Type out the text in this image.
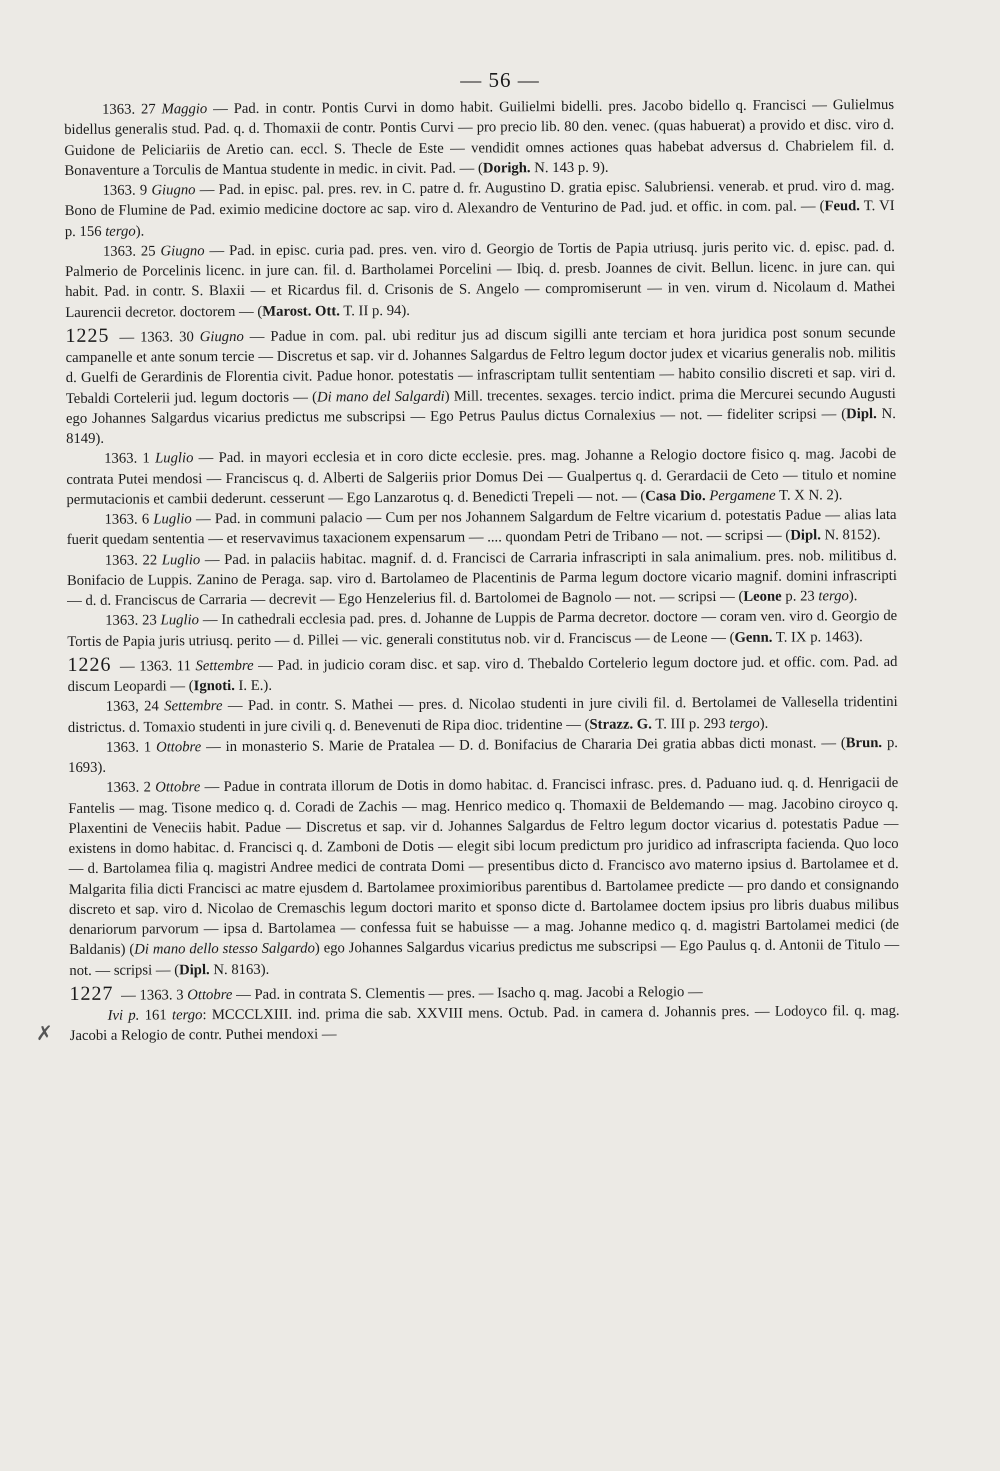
— 56 —
✗

1363. 27 Maggio — Pad. in contr. Pontis Curvi in domo habit. Guilielmi bidelli. pres. Jacobo bidello q. Francisci — Gulielmus bidellus generalis stud. Pad. q. d. Thomaxii de contr. Pontis Curvi — pro precio lib. 80 den. venec. (quas habuerat) a provido et disc. viro d. Guidone de Peliciariis de Aretio can. eccl. S. Thecle de Este — vendidit omnes actiones quas habebat adversus d. Chabrielem fil. d. Bonaventure a Torculis de Mantua studente in medic. in civit. Pad. — (Dorigh. N. 143 p. 9).

1363. 9 Giugno — Pad. in episc. pal. pres. rev. in C. patre d. fr. Augustino D. gratia episc. Salubriensi. venerab. et prud. viro d. mag. Bono de Flumine de Pad. eximio medicine doctore ac sap. viro d. Alexandro de Venturino de Pad. jud. et offic. in com. pal. — (Feud. T. VI p. 156 tergo).

1363. 25 Giugno — Pad. in episc. curia pad. pres. ven. viro d. Georgio de Tortis de Papia utriusq. juris perito vic. d. episc. pad. d. Palmerio de Porcelinis licenc. in jure can. fil. d. Bartholamei Porcelini — Ibiq. d. presb. Joannes de civit. Bellun. licenc. in jure can. qui habit. Pad. in contr. S. Blaxii — et Ricardus fil. d. Crisonis de S. Angelo — compromiserunt — in ven. virum d. Nicolaum d. Mathei Laurencii decretor. doctorem — (Marost. Ott. T. II p. 94).

1225 — 1363. 30 Giugno — Padue in com. pal. ubi reditur jus ad discum sigilli ante terciam et hora juridica post sonum secunde campanelle et ante sonum tercie — Discretus et sap. vir d. Johannes Salgardus de Feltro legum doctor judex et vicarius generalis nob. militis d. Guelfi de Gerardinis de Florentia civit. Padue honor. potestatis — infrascriptam tullit sententiam — habito consilio discreti et sap. viri d. Tebaldi Cortelerii jud. legum doctoris — (Di mano del Salgardi) Mill. trecentes. sexages. tercio indict. prima die Mercurei secundo Augusti ego Johannes Salgardus vicarius predictus me subscripsi — Ego Petrus Paulus dictus Cornalexius — not. — fideliter scripsi — (Dipl. N. 8149).

1363. 1 Luglio — Pad. in mayori ecclesia et in coro dicte ecclesie. pres. mag. Johanne a Relogio doctore fisico q. mag. Jacobi de contrata Putei mendosi — Franciscus q. d. Alberti de Salgeriis prior Domus Dei — Gualpertus q. d. Gerardacii de Ceto — titulo et nomine permutacionis et cambii dederunt. cesserunt — Ego Lanzarotus q. d. Benedicti Trepeli — not. — (Casa Dio. Pergamene T. X N. 2).

1363. 6 Luglio — Pad. in communi palacio — Cum per nos Johannem Salgardum de Feltre vicarium d. potestatis Padue — alias lata fuerit quedam sententia — et reservavimus taxacionem expensarum — .... quondam Petri de Tribano — not. — scripsi — (Dipl. N. 8152).

1363. 22 Luglio — Pad. in palaciis habitac. magnif. d. d. Francisci de Carraria infrascripti in sala animalium. pres. nob. militibus d. Bonifacio de Luppis. Zanino de Peraga. sap. viro d. Bartolameo de Placentinis de Parma legum doctore vicario magnif. domini infrascripti — d. d. Franciscus de Carraria — decrevit — Ego Henzelerius fil. d. Bartolomei de Bagnolo — not. — scripsi — (Leone p. 23 tergo).

1363. 23 Luglio — In cathedrali ecclesia pad. pres. d. Johanne de Luppis de Parma decretor. doctore — coram ven. viro d. Georgio de Tortis de Papia juris utriusq. perito — d. Pillei — vic. generali constitutus nob. vir d. Franciscus — de Leone — (Genn. T. IX p. 1463).

1226 — 1363. 11 Settembre — Pad. in judicio coram disc. et sap. viro d. Thebaldo Cortelerio legum doctore jud. et offic. com. Pad. ad discum Leopardi — (Ignoti. I. E.).

1363, 24 Settembre — Pad. in contr. S. Mathei — pres. d. Nicolao studenti in jure civili fil. d. Bertolamei de Vallesella tridentini districtus. d. Tomaxio studenti in jure civili q. d. Benevenuti de Ripa dioc. tridentine — (Strazz. G. T. III p. 293 tergo).

1363. 1 Ottobre — in monasterio S. Marie de Pratalea — D. d. Bonifacius de Chararia Dei gratia abbas dicti monast. — (Brun. p. 1693).

1363. 2 Ottobre — Padue in contrata illorum de Dotis in domo habitac. d. Francisci infrasc. pres. d. Paduano iud. q. d. Henrigacii de Fantelis — mag. Tisone medico q. d. Coradi de Zachis — mag. Henrico medico q. Thomaxii de Beldemando — mag. Jacobino ciroyco q. Plaxentini de Veneciis habit. Padue — Discretus et sap. vir d. Johannes Salgardus de Feltro legum doctor vicarius d. potestatis Padue — existens in domo habitac. d. Francisci q. d. Zamboni de Dotis — elegit sibi locum predictum pro juridico ad infrascripta facienda. Quo loco — d. Bartolamea filia q. magistri Andree medici de contrata Domi — presentibus dicto d. Francisco avo materno ipsius d. Bartolamee et d. Malgarita filia dicti Francisci ac matre ejusdem d. Bartolamee proximioribus parentibus d. Bartolamee predicte — pro dando et consignando discreto et sap. viro d. Nicolao de Cremaschis legum doctori marito et sponso dicte d. Bartolamee doctem ipsius pro libris duabus milibus denariorum parvorum — ipsa d. Bartolamea — confessa fuit se habuisse — a mag. Johanne medico q. d. magistri Bartolamei medici (de Baldanis) (Di mano dello stesso Salgardo) ego Johannes Salgardus vicarius predictus me subscripsi — Ego Paulus q. d. Antonii de Titulo — not. — scripsi — (Dipl. N. 8163).

1227 — 1363. 3 Ottobre — Pad. in contrata S. Clementis — pres. — Isacho q. mag. Jacobi a Relogio —

Ivi p. 161 tergo: MCCCLXIII. ind. prima die sab. XXVIII mens. Octub. Pad. in camera d. Johannis pres. — Lodoyco fil. q. mag. Jacobi a Relogio de contr. Puthei mendoxi —
